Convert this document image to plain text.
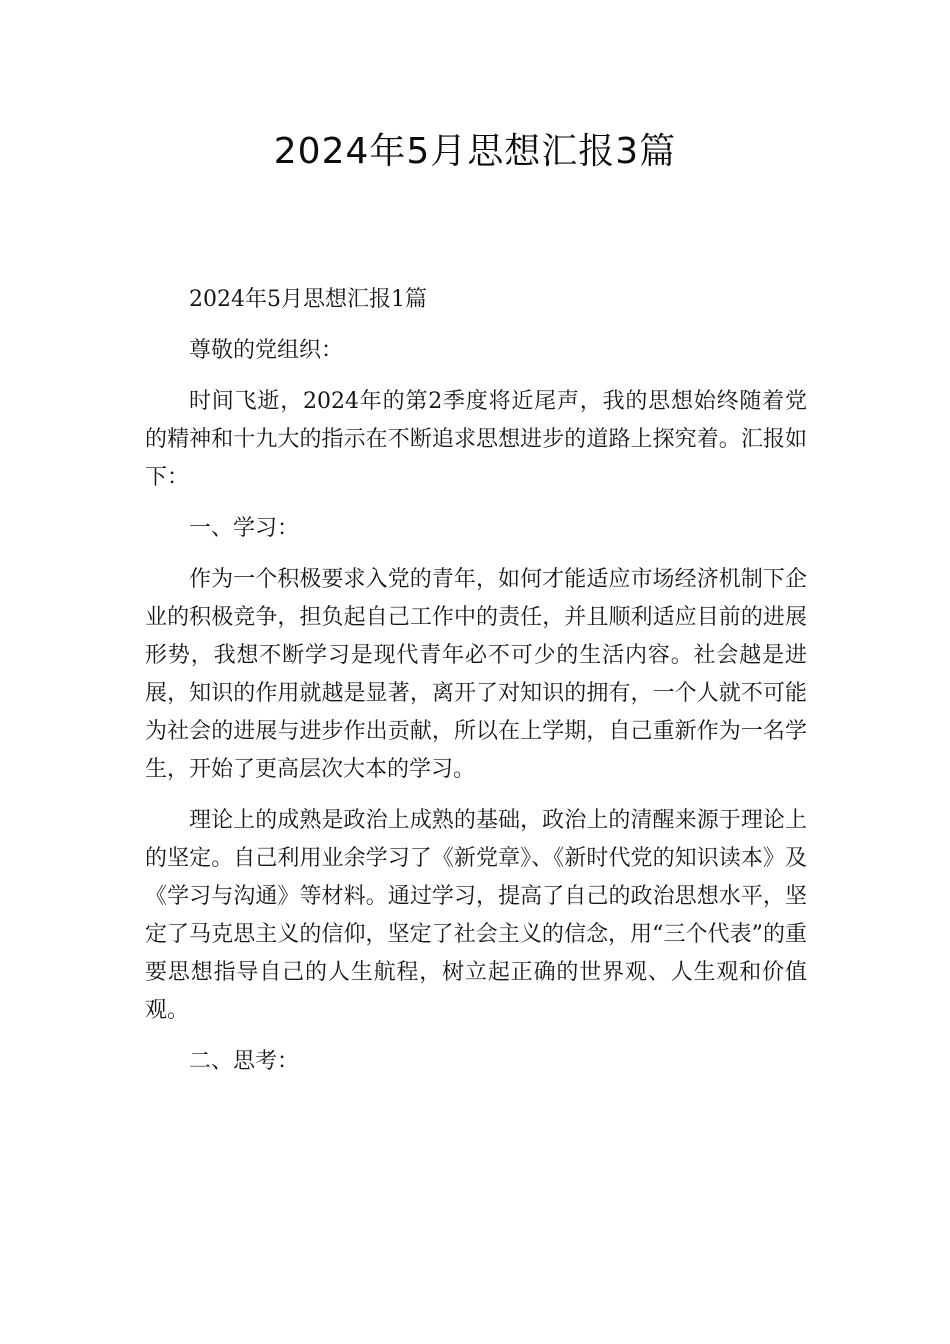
2024年5月思想汇报3篇

2024年5月思想汇报1篇

尊敬的党组织：

时间飞逝，2024年的第2季度将近尾声，我的思想始终随着党的精神和十九大的指示在不断追求思想进步的道路上探究着。汇报如下：

一、学习：

作为一个积极要求入党的青年，如何才能适应市场经济机制下企业的积极竞争，担负起自己工作中的责任，并且顺利适应目前的进展形势，我想不断学习是现代青年必不可少的生活内容。社会越是进展，知识的作用就越是显著，离开了对知识的拥有，一个人就不可能为社会的进展与进步作出贡献，所以在上学期，自己重新作为一名学生，开始了更高层次大本的学习。

理论上的成熟是政治上成熟的基础，政治上的清醒来源于理论上的坚定。自己利用业余学习了《新党章》、《新时代党的知识读本》及《学习与沟通》等材料。通过学习，提高了自己的政治思想水平，坚定了马克思主义的信仰，坚定了社会主义的信念，用“三个代表”的重要思想指导自己的人生航程，树立起正确的世界观、人生观和价值观。

二、思考：
